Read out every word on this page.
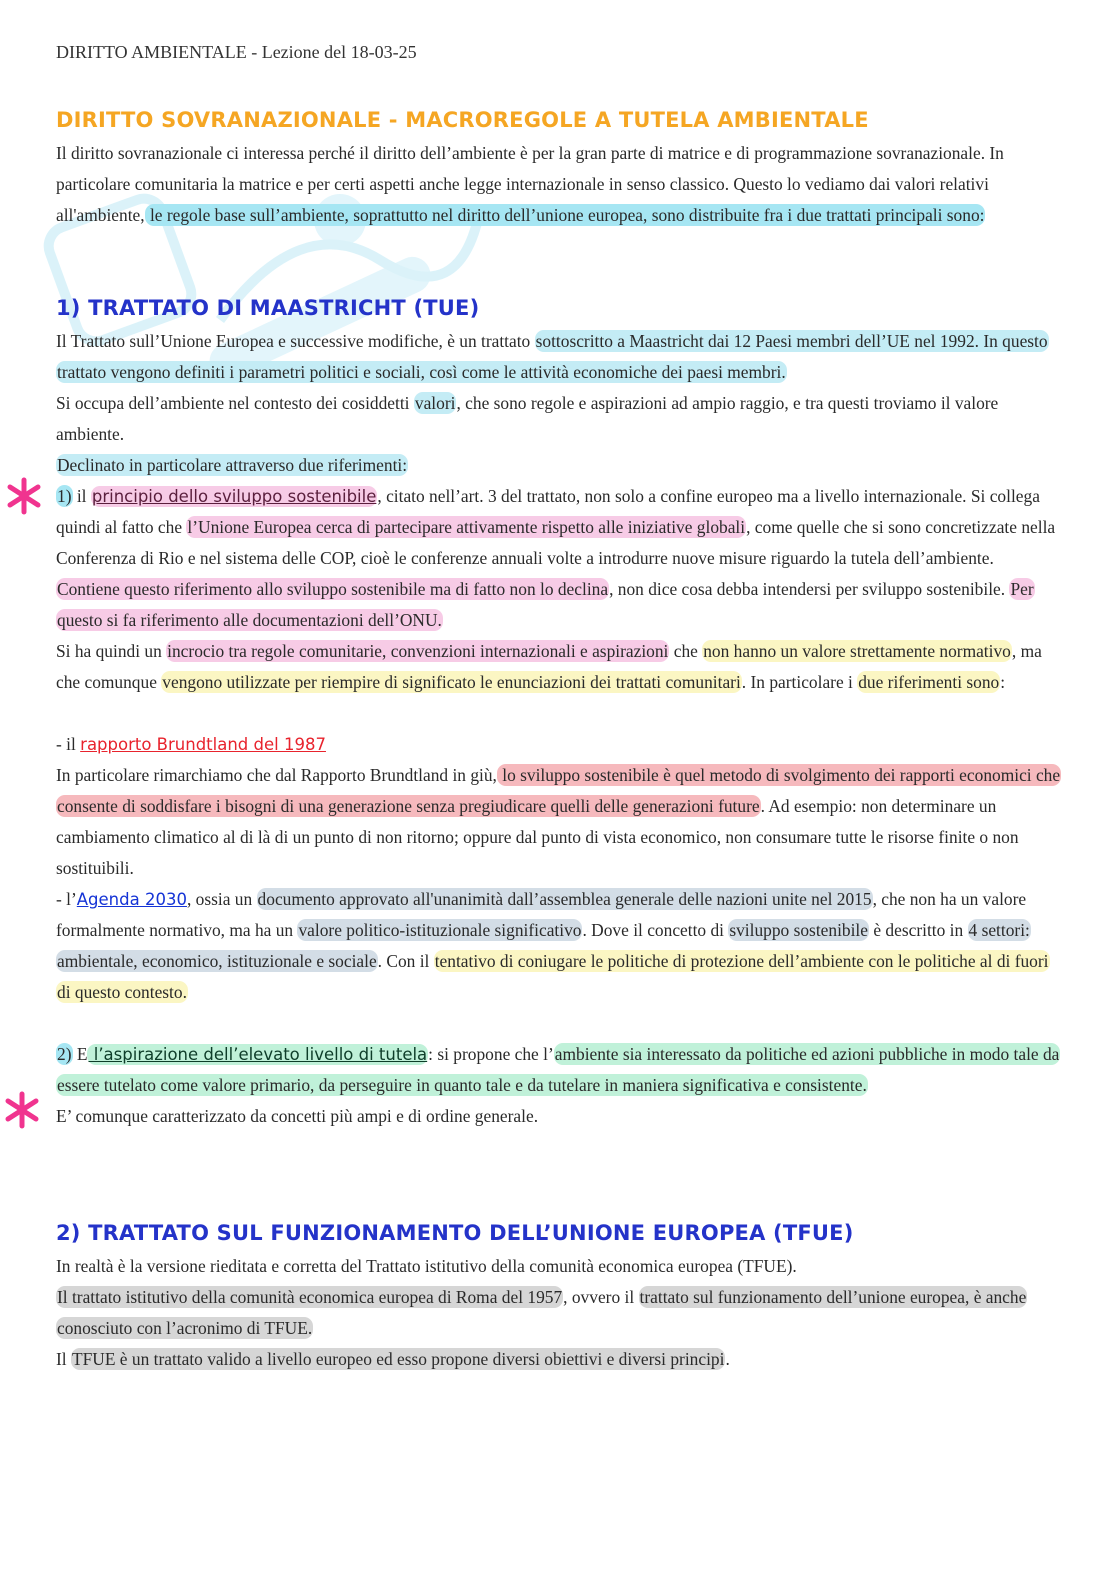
DIRITTO AMBIENTALE - Lezione del 18-03-25
DIRITTO SOVRANAZIONALE - MACROREGOLE A TUTELA AMBIENTALE

Il diritto sovranazionale ci interessa perché il diritto dell’ambiente è per la gran parte di matrice e di programmazione sovranazionale. In particolare comunitaria la matrice e per certi aspetti anche legge internazionale in senso classico. Questo lo vediamo dai valori relativi all'ambiente, le regole base sull’ambiente, soprattutto nel diritto dell’unione europea, sono distribuite fra i due trattati principali sono:

1) TRATTATO DI MAASTRICHT (TUE)

Il Trattato sull’Unione Europea e successive modifiche, è un trattato sottoscritto a Maastricht dai 12 Paesi membri dell’UE nel 1992. In questo trattato vengono definiti i parametri politici e sociali, così come le attività economiche dei paesi membri.

Si occupa dell’ambiente nel contesto dei cosiddetti valori, che sono regole e aspirazioni ad ampio raggio, e tra questi troviamo il valore ambiente.

Declinato in particolare attraverso due riferimenti:

1) il principio dello sviluppo sostenibile, citato nell’art. 3 del trattato, non solo a confine europeo ma a livello internazionale. Si collega quindi al fatto che l’Unione Europea cerca di partecipare attivamente rispetto alle iniziative globali, come quelle che si sono concretizzate nella Conferenza di Rio e nel sistema delle COP, cioè le conferenze annuali volte a introdurre nuove misure riguardo la tutela dell’ambiente.

Contiene questo riferimento allo sviluppo sostenibile ma di fatto non lo declina, non dice cosa debba intendersi per sviluppo sostenibile. Per questo si fa riferimento alle documentazioni dell’ONU.

Si ha quindi un incrocio tra regole comunitarie, convenzioni internazionali e aspirazioni che non hanno un valore strettamente normativo, ma che comunque vengono utilizzate per riempire di significato le enunciazioni dei trattati comunitari. In particolare i due riferimenti sono:

- il rapporto Brundtland del 1987

In particolare rimarchiamo che dal Rapporto Brundtland in giù, lo sviluppo sostenibile è quel metodo di svolgimento dei rapporti economici che consente di soddisfare i bisogni di una generazione senza pregiudicare quelli delle generazioni future. Ad esempio: non determinare un cambiamento climatico al di là di un punto di non ritorno; oppure dal punto di vista economico, non consumare tutte le risorse finite o non sostituibili.

- l’Agenda 2030, ossia un documento approvato all'unanimità dall’assemblea generale delle nazioni unite nel 2015, che non ha un valore formalmente normativo, ma ha un valore politico-istituzionale significativo. Dove il concetto di sviluppo sostenibile è descritto in 4 settori: ambientale, economico, istituzionale e sociale. Con il tentativo di coniugare le politiche di protezione dell’ambiente con le politiche al di fuori di questo contesto.

2) E l’aspirazione dell’elevato livello di tutela: si propone che l’ambiente sia interessato da politiche ed azioni pubbliche in modo tale da essere tutelato come valore primario, da perseguire in quanto tale e da tutelare in maniera significativa e consistente.

E’ comunque caratterizzato da concetti più ampi e di ordine generale.

2) TRATTATO SUL FUNZIONAMENTO DELL’UNIONE EUROPEA (TFUE)

In realtà è la versione rieditata e corretta del Trattato istitutivo della comunità economica europea (TFUE).

Il trattato istitutivo della comunità economica europea di Roma del 1957, ovvero il trattato sul funzionamento dell’unione europea, è anche conosciuto con l’acronimo di TFUE.

Il TFUE è un trattato valido a livello europeo ed esso propone diversi obiettivi e diversi principi.
